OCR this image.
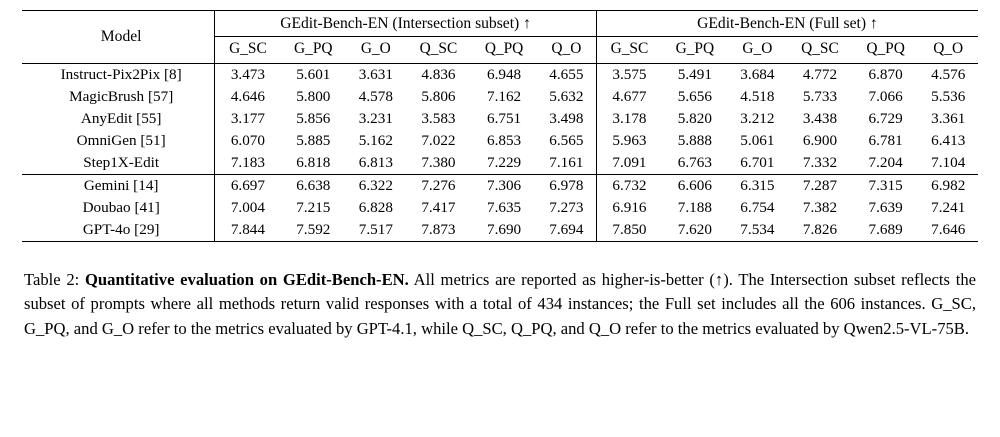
Model	GEdit-Bench-EN (Intersection subset) ↑						GEdit-Bench-EN (Full set) ↑					

	G_SC	G_PQ	G_O	Q_SC	Q_PQ	Q_O	G_SC	G_PQ	G_O	Q_SC	Q_PQ	Q_O
Instruct-Pix2Pix [8]	3.473	5.601	3.631	4.836	6.948	4.655	3.575	5.491	3.684	4.772	6.870	4.576
MagicBrush [57]	4.646	5.800	4.578	5.806	7.162	5.632	4.677	5.656	4.518	5.733	7.066	5.536
AnyEdit [55]	3.177	5.856	3.231	3.583	6.751	3.498	3.178	5.820	3.212	3.438	6.729	3.361
OmniGen [51]	6.070	5.885	5.162	7.022	6.853	6.565	5.963	5.888	5.061	6.900	6.781	6.413
Step1X-Edit	7.183	6.818	6.813	7.380	7.229	7.161	7.091	6.763	6.701	7.332	7.204	7.104
Gemini [14]	6.697	6.638	6.322	7.276	7.306	6.978	6.732	6.606	6.315	7.287	7.315	6.982
Doubao [41]	7.004	7.215	6.828	7.417	7.635	7.273	6.916	7.188	6.754	7.382	7.639	7.241
GPT-4o [29]	7.844	7.592	7.517	7.873	7.690	7.694	7.850	7.620	7.534	7.826	7.689	7.646
Table 2: Quantitative evaluation on GEdit-Bench-EN. All metrics are reported as higher-is-better (↑). The Intersection subset reflects the subset of prompts where all methods return valid responses with a total of 434 instances; the Full set includes all the 606 instances. G_SC, G_PQ, and G_O refer to the metrics evaluated by GPT-4.1, while Q_SC, Q_PQ, and Q_O refer to the metrics evaluated by Qwen2.5-VL-75B.
